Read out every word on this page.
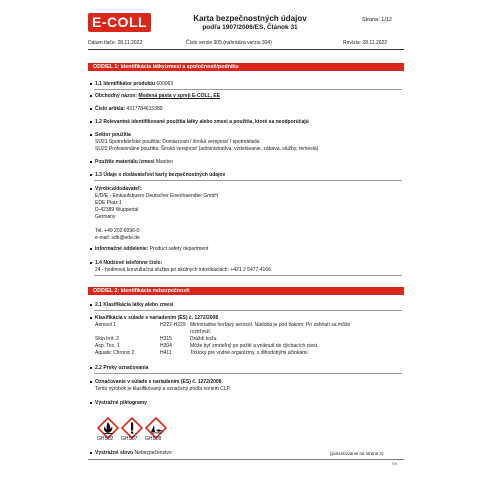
E-COLL	Karta bezpečnostných údajov
podľa 1907/2006/ES, Článok 31
Strana: 1/12
Dátum tlače: 28.11.2022	Číslo verzie 305 (nahrádza verziu 304)	Revízia: 28.11.2022
ODDIEL 1: Identifikácia látky/zmesi a spoločnosti/podniku
1.1 Identifikátor produktu 600063
Obchodný názov: Modená pasta v spreji E-COLL, EE
Číslo artikla: 4317784615389
1.2 Relevantné identifikované použitia látky alebo zmesi a použitia, ktoré sa neodporúčajú
Sektor použitia
SU21 Spotrebiteľské použitia: Domácnosti / široká verejnosť / spotrebitelia
SU22 Profesionálne použitia: Široká verejnosť (administratíva, vzdelávanie, zábava, služby, remeslá)
Použitie materiálu /zmesi Mastivo
1.3 Údaje o dodávateľovi karty bezpečnostných údajov
Výrobca/dodávateľ:
E/D/E - Einkaufsbuero Deutscher Eisenhaendler GmbH
EDE Platz 1
D-42389 Wuppertal
Germany
Tel. +49 202 6096-0
e-mail: sdb@ede.de
Informačné oddelenie: Product safety department
1.4 Núdzové telefónne číslo:
24 - hodinová konzultačná služba pri akútnych intoxikáciách: +421 2 5477 4166
ODDIEL 2: Identifikácia nebezpečnosti
2.1 Klasifikácia látky alebo zmesi
Klasifikácia v súlade s nariadením (ES) č. 1272/2008
Aerosol 1	H222-H229 Mimoriadne horľavý aerosól. Nádoba je pod tlakom: Pri zahriatí sa môže
roztrhnúť.
Skin Irrit. 2	H315	Dráždi kožu.
Asp. Tox. 1	H304	Môže byť smrteľný po požití a vniknutí do dýchacích ciest.
Aquatic Chronic 2	H411	Toxický pre vodné organizmy, s dlhodobými účinkami.
2.2 Prvky označovania
Označovanie v súlade s nariadením (ES) č. 1272/2008
Tento výrobok je klasifikovaný a označený podľa noriem CLP.
Výstražné piktogramy
GHS02 GHS07 GHS09
Výstražné slovo Nebezpečenstvo	(pokračovanie na strane 2)
SK
